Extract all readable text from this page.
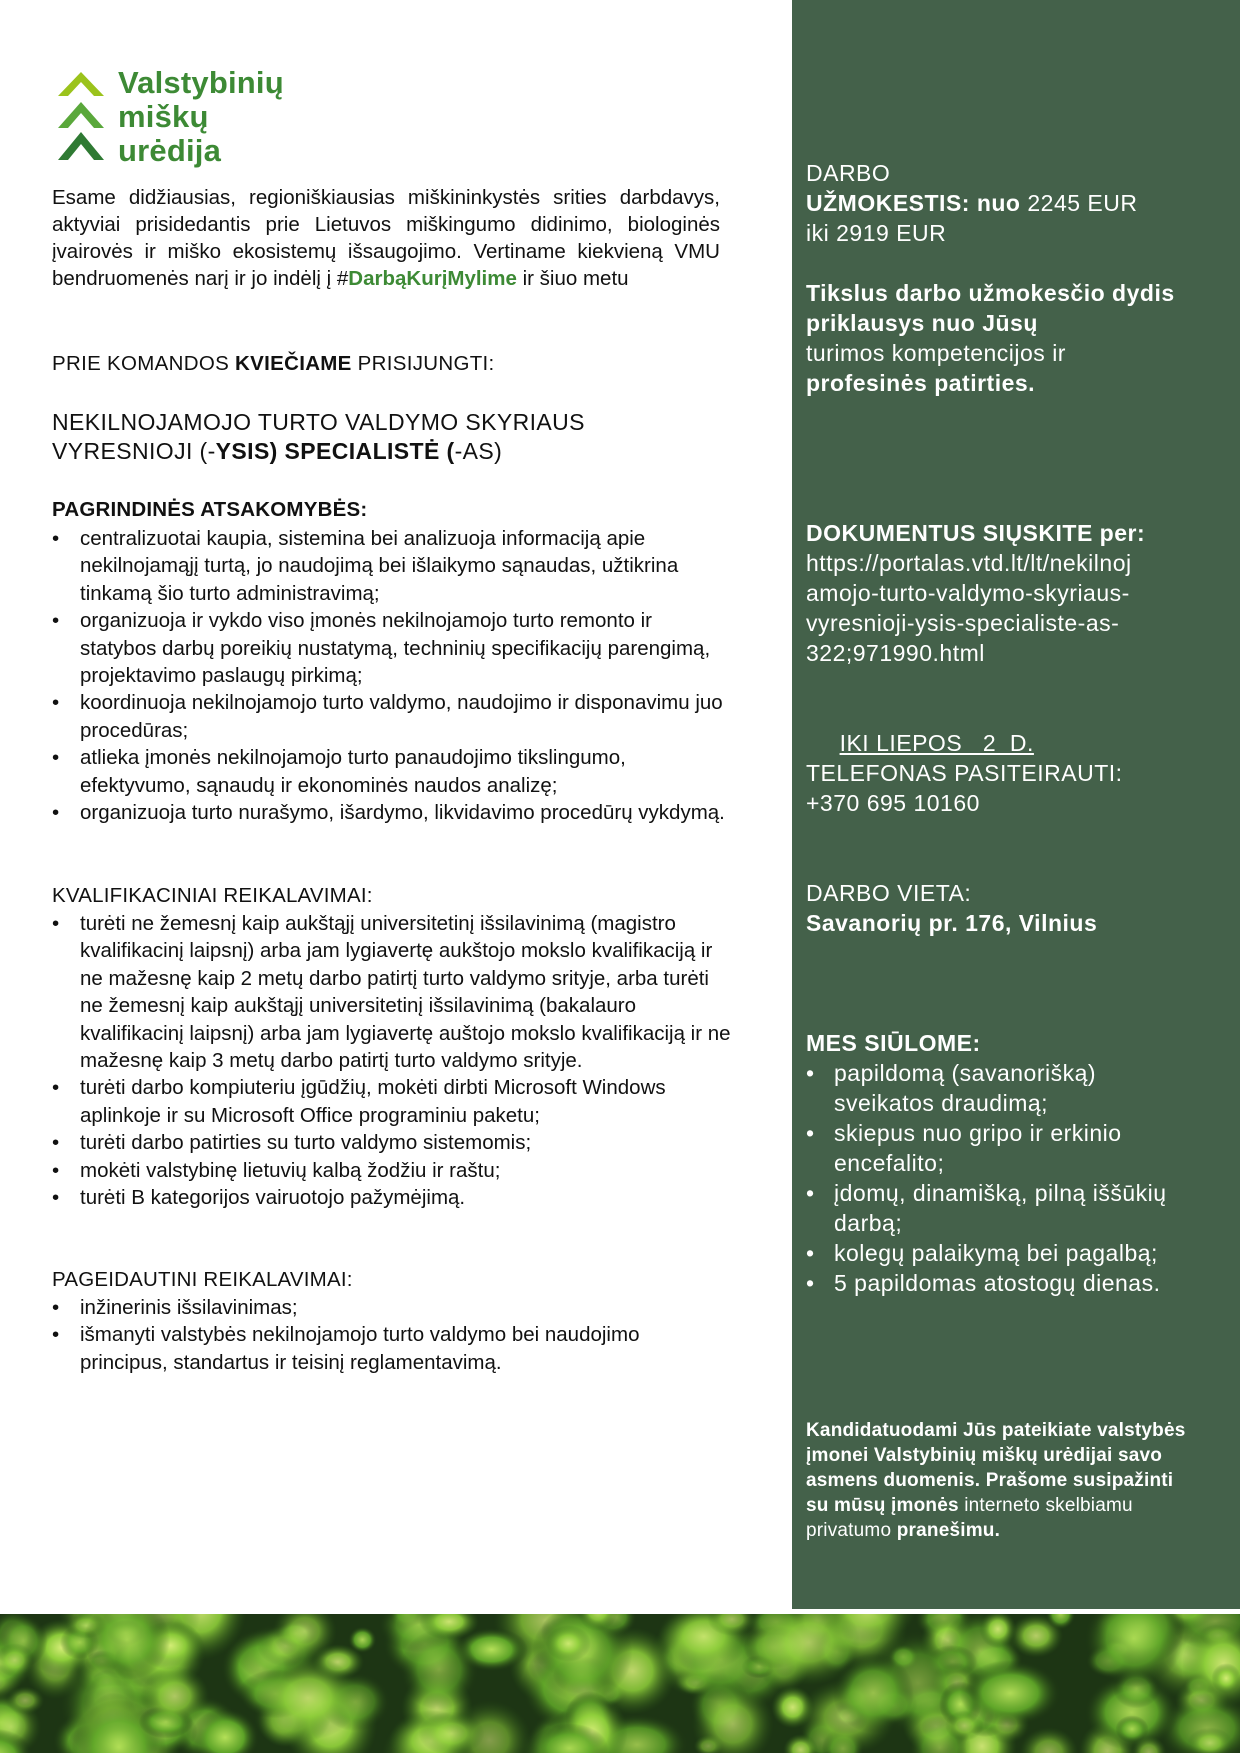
Valstybinių
miškų
urėdija

Esame didžiausias, regioniškiausias miškininkystės srities darbdavys, aktyviai prisidedantis prie Lietuvos miškingumo didinimo, biologinės įvairovės ir miško ekosistemų išsaugojimo. Vertiname kiekvieną VMU bendruomenės narį ir jo indėlį į #DarbąKurįMylime ir šiuo metu

PRIE KOMANDOS KVIEČIAME PRISIJUNGTI:
NEKILNOJAMOJO TURTO VALDYMO SKYRIAUS
VYRESNIOJI (-YSIS) SPECIALISTĖ (-AS)
PAGRINDINĖS ATSAKOMYBĖS:
• centralizuotai kaupia, sistemina bei analizuoja informaciją apie nekilnojamąjį turtą, jo naudojimą bei išlaikymo sąnaudas, užtikrina tinkamą šio turto administravimą;
• organizuoja ir vykdo viso įmonės nekilnojamojo turto remonto ir statybos darbų poreikių nustatymą, techninių specifikacijų parengimą, projektavimo paslaugų pirkimą;
• koordinuoja nekilnojamojo turto valdymo, naudojimo ir disponavimu juo procedūras;
• atlieka įmonės nekilnojamojo turto panaudojimo tikslingumo, efektyvumo, sąnaudų ir ekonominės naudos analizę;
• organizuoja turto nurašymo, išardymo, likvidavimo procedūrų vykdymą.
KVALIFIKACINIAI REIKALAVIMAI:
• turėti ne žemesnį kaip aukštąjį universitetinį išsilavinimą (magistro kvalifikacinį laipsnį) arba jam lygiavertę aukštojo mokslo kvalifikaciją ir ne mažesnę kaip 2 metų darbo patirtį turto valdymo srityje, arba turėti ne žemesnį kaip aukštąjį universitetinį išsilavinimą (bakalauro kvalifikacinį laipsnį) arba jam lygiavertę auštojo mokslo kvalifikaciją ir ne mažesnę kaip 3 metų darbo patirtį turto valdymo srityje.
• turėti darbo kompiuteriu įgūdžių, mokėti dirbti Microsoft Windows aplinkoje ir su Microsoft Office programiniu paketu;
• turėti darbo patirties su turto valdymo sistemomis;
• mokėti valstybinę lietuvių kalbą žodžiu ir raštu;
• turėti B kategorijos vairuotojo pažymėjimą.
PAGEIDAUTINI REIKALAVIMAI:
• inžinerinis išsilavinimas;
• išmanyti valstybės nekilnojamojo turto valdymo bei naudojimo principus, standartus ir teisinį reglamentavimą.
DARBO
UŽMOKESTIS: nuo 2245 EUR
iki 2919 EUR
Tikslus darbo užmokesčio dydis priklausys nuo Jūsų
turimos kompetencijos ir
profesinės patirties.
DOKUMENTUS SIŲSKITE per:
https://portalas.vtd.lt/lt/nekilnoj
amojo-turto-valdymo-skyriaus-
vyresnioji-ysis-specialiste-as-
322;971990.html

IKI LIEPOS   2  D.

TELEFONAS PASITEIRAUTI:
+370 695 10160
DARBO VIETA:
Savanorių pr. 176, Vilnius
MES SIŪLOME:
• papildomą (savanorišką) sveikatos draudimą;
• skiepus nuo gripo ir erkinio encefalito;
• įdomų, dinamišką, pilną iššūkių darbą;
• kolegų palaikymą bei pagalbą;
• 5 papildomas atostogų dienas.
Kandidatuodami Jūs pateikiate valstybės įmonei Valstybinių miškų urėdijai savo asmens duomenis. Prašome susipažinti su mūsų įmonės interneto skelbiamu privatumo pranešimu.
